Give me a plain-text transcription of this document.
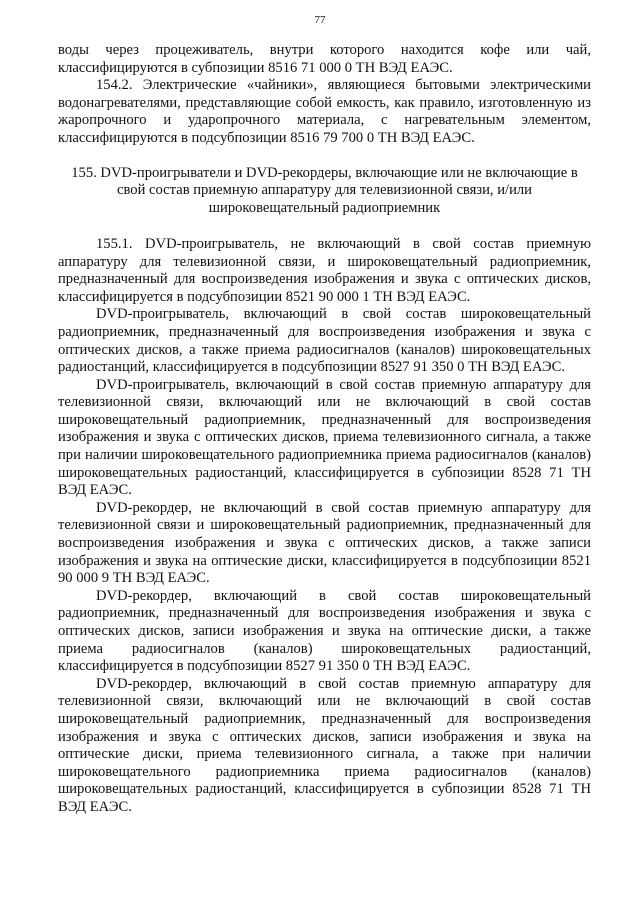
77

воды через процеживатель, внутри которого находится кофе или чай, классифицируются в субпозиции 8516 71 000 0 ТН ВЭД ЕАЭС.

154.2. Электрические «чайники», являющиеся бытовыми электрическими водонагревателями, представляющие собой емкость, как правило, изготовленную из жаропрочного и ударопрочного материала, с нагревательным элементом, классифицируются в подсубпозиции 8516 79 700 0 ТН ВЭД ЕАЭС.

155. DVD-проигрыватели и DVD-рекордеры, включающие или не включающие в свой состав приемную аппаратуру для телевизионной связи, и/или широковещательный радиоприемник

155.1. DVD-проигрыватель, не включающий в свой состав приемную аппаратуру для телевизионной связи, и широковещательный радиоприемник, предназначенный для воспроизведения изображения и звука с оптических дисков, классифицируется в подсубпозиции 8521 90 000 1 ТН ВЭД ЕАЭС.

DVD-проигрыватель, включающий в свой состав широковещательный радиоприемник, предназначенный для воспроизведения изображения и звука с оптических дисков, а также приема радиосигналов (каналов) широковещательных радиостанций, классифицируется в подсубпозиции 8527 91 350 0 ТН ВЭД ЕАЭС.

DVD-проигрыватель, включающий в свой состав приемную аппаратуру для телевизионной связи, включающий или не включающий в свой состав широковещательный радиоприемник, предназначенный для воспроизведения изображения и звука с оптических дисков, приема телевизионного сигнала, а также при наличии широковещательного радиоприемника приема радиосигналов (каналов) широковещательных радиостанций, классифицируется в субпозиции 8528 71 ТН ВЭД ЕАЭС.

DVD-рекордер, не включающий в свой состав приемную аппаратуру для телевизионной связи и широковещательный радиоприемник, предназначенный для воспроизведения изображения и звука с оптических дисков, а также записи изображения и звука на оптические диски, классифицируется в подсубпозиции 8521 90 000 9 ТН ВЭД ЕАЭС.

DVD-рекордер, включающий в свой состав широковещательный радиоприемник, предназначенный для воспроизведения изображения и звука с оптических дисков, записи изображения и звука на оптические диски, а также приема радиосигналов (каналов) широковещательных радиостанций, классифицируется в подсубпозиции 8527 91 350 0 ТН ВЭД ЕАЭС.

DVD-рекордер, включающий в свой состав приемную аппаратуру для телевизионной связи, включающий или не включающий в свой состав широковещательный радиоприемник, предназначенный для воспроизведения изображения и звука с оптических дисков, записи изображения и звука на оптические диски, приема телевизионного сигнала, а также при наличии широковещательного радиоприемника приема радиосигналов (каналов) широковещательных радиостанций, классифицируется в субпозиции 8528 71 ТН ВЭД ЕАЭС.
